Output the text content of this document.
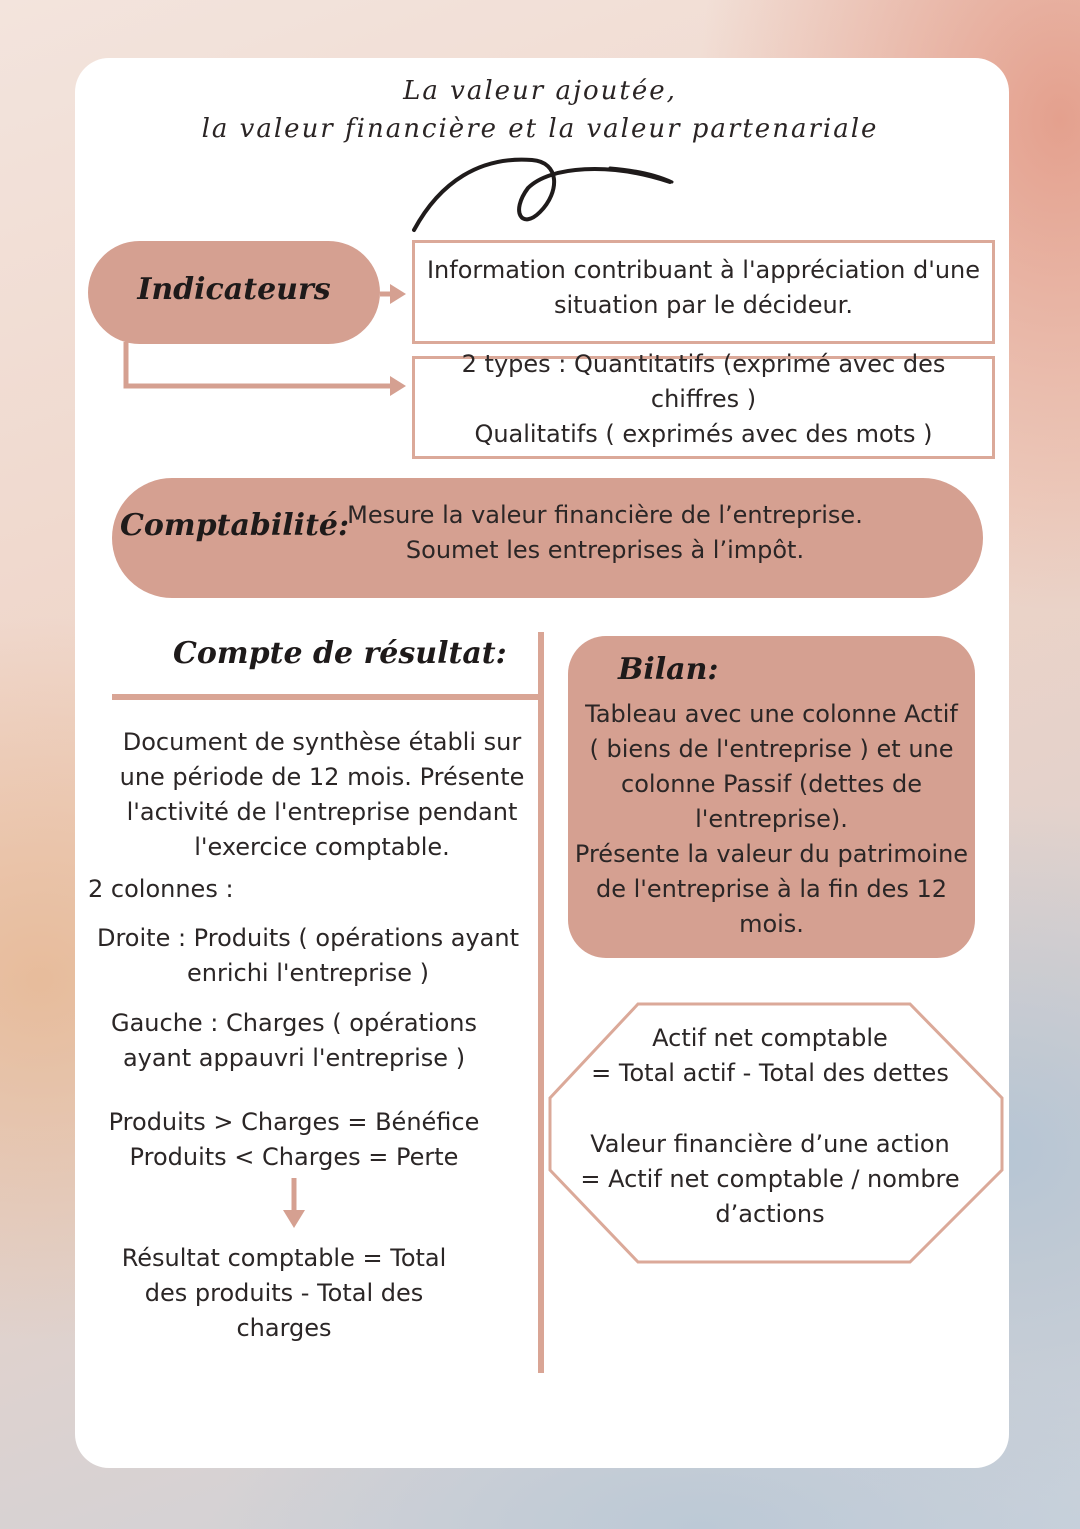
La valeur ajoutée,
la valeur financière et la valeur partenariale
Indicateurs
Information contribuant à l'appréciation d'une
situation par le décideur.
2 types : Quantitatifs (exprimé avec des chiffres )
Qualitatifs ( exprimés avec des mots )
Comptabilité:
Mesure la valeur financière de l’entreprise.
Soumet les entreprises à l’impôt.
Compte de résultat:
Document de synthèse établi sur
une période de 12 mois. Présente
l'activité de l'entreprise pendant
l'exercice comptable.
2 colonnes :
Droite : Produits ( opérations ayant
enrichi l'entreprise )
Gauche : Charges ( opérations
ayant appauvri l'entreprise )
Produits > Charges = Bénéfice
Produits < Charges = Perte
Résultat comptable = Total
des produits - Total des
charges
Bilan:
Tableau avec une colonne Actif
( biens de l'entreprise ) et une
colonne Passif (dettes de
l'entreprise).
Présente la valeur du patrimoine
de l'entreprise à la fin des 12
mois.
Actif net comptable
= Total actif - Total des dettes
Valeur financière d’une action
= Actif net comptable / nombre
d’actions
